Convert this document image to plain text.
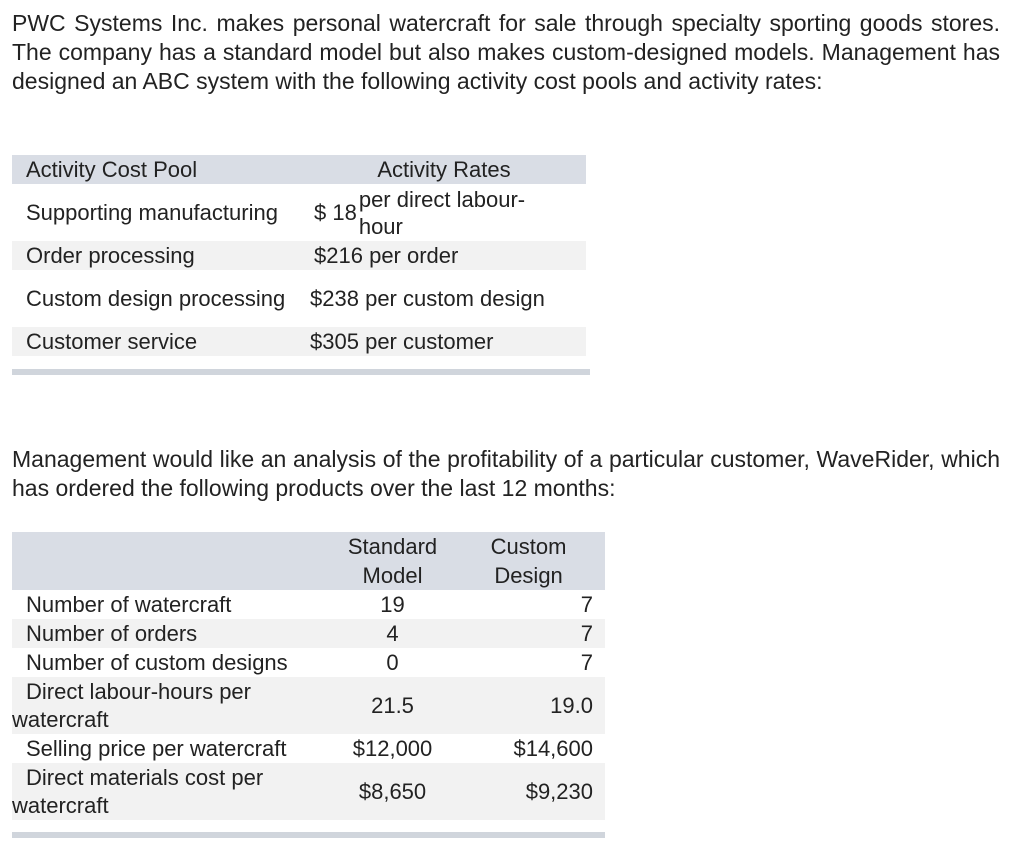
PWC Systems Inc. makes personal watercraft for sale through specialty sporting goods stores. The company has a standard model but also makes custom-designed models. Management has designed an ABC system with the following activity cost pools and activity rates:

Activity Cost Pool	Activity Rates

Supporting manufacturing	$ 18
per direct labour-hour

Order processing	$216
per order

Custom design processing	$238
per custom design

Customer service	$305
per customer

Management would like an analysis of the profitability of a particular customer, WaveRider, which has ordered the following products over the last 12 months:

	Standard Model	Custom Design

Number of watercraft	19	7

Number of orders	4	7

Number of custom designs	0	7

Direct labour-hours per watercraft	21.5	19.0

Selling price per watercraft	$12,000	$14,600

Direct materials cost per watercraft	$8,650	$9,230
